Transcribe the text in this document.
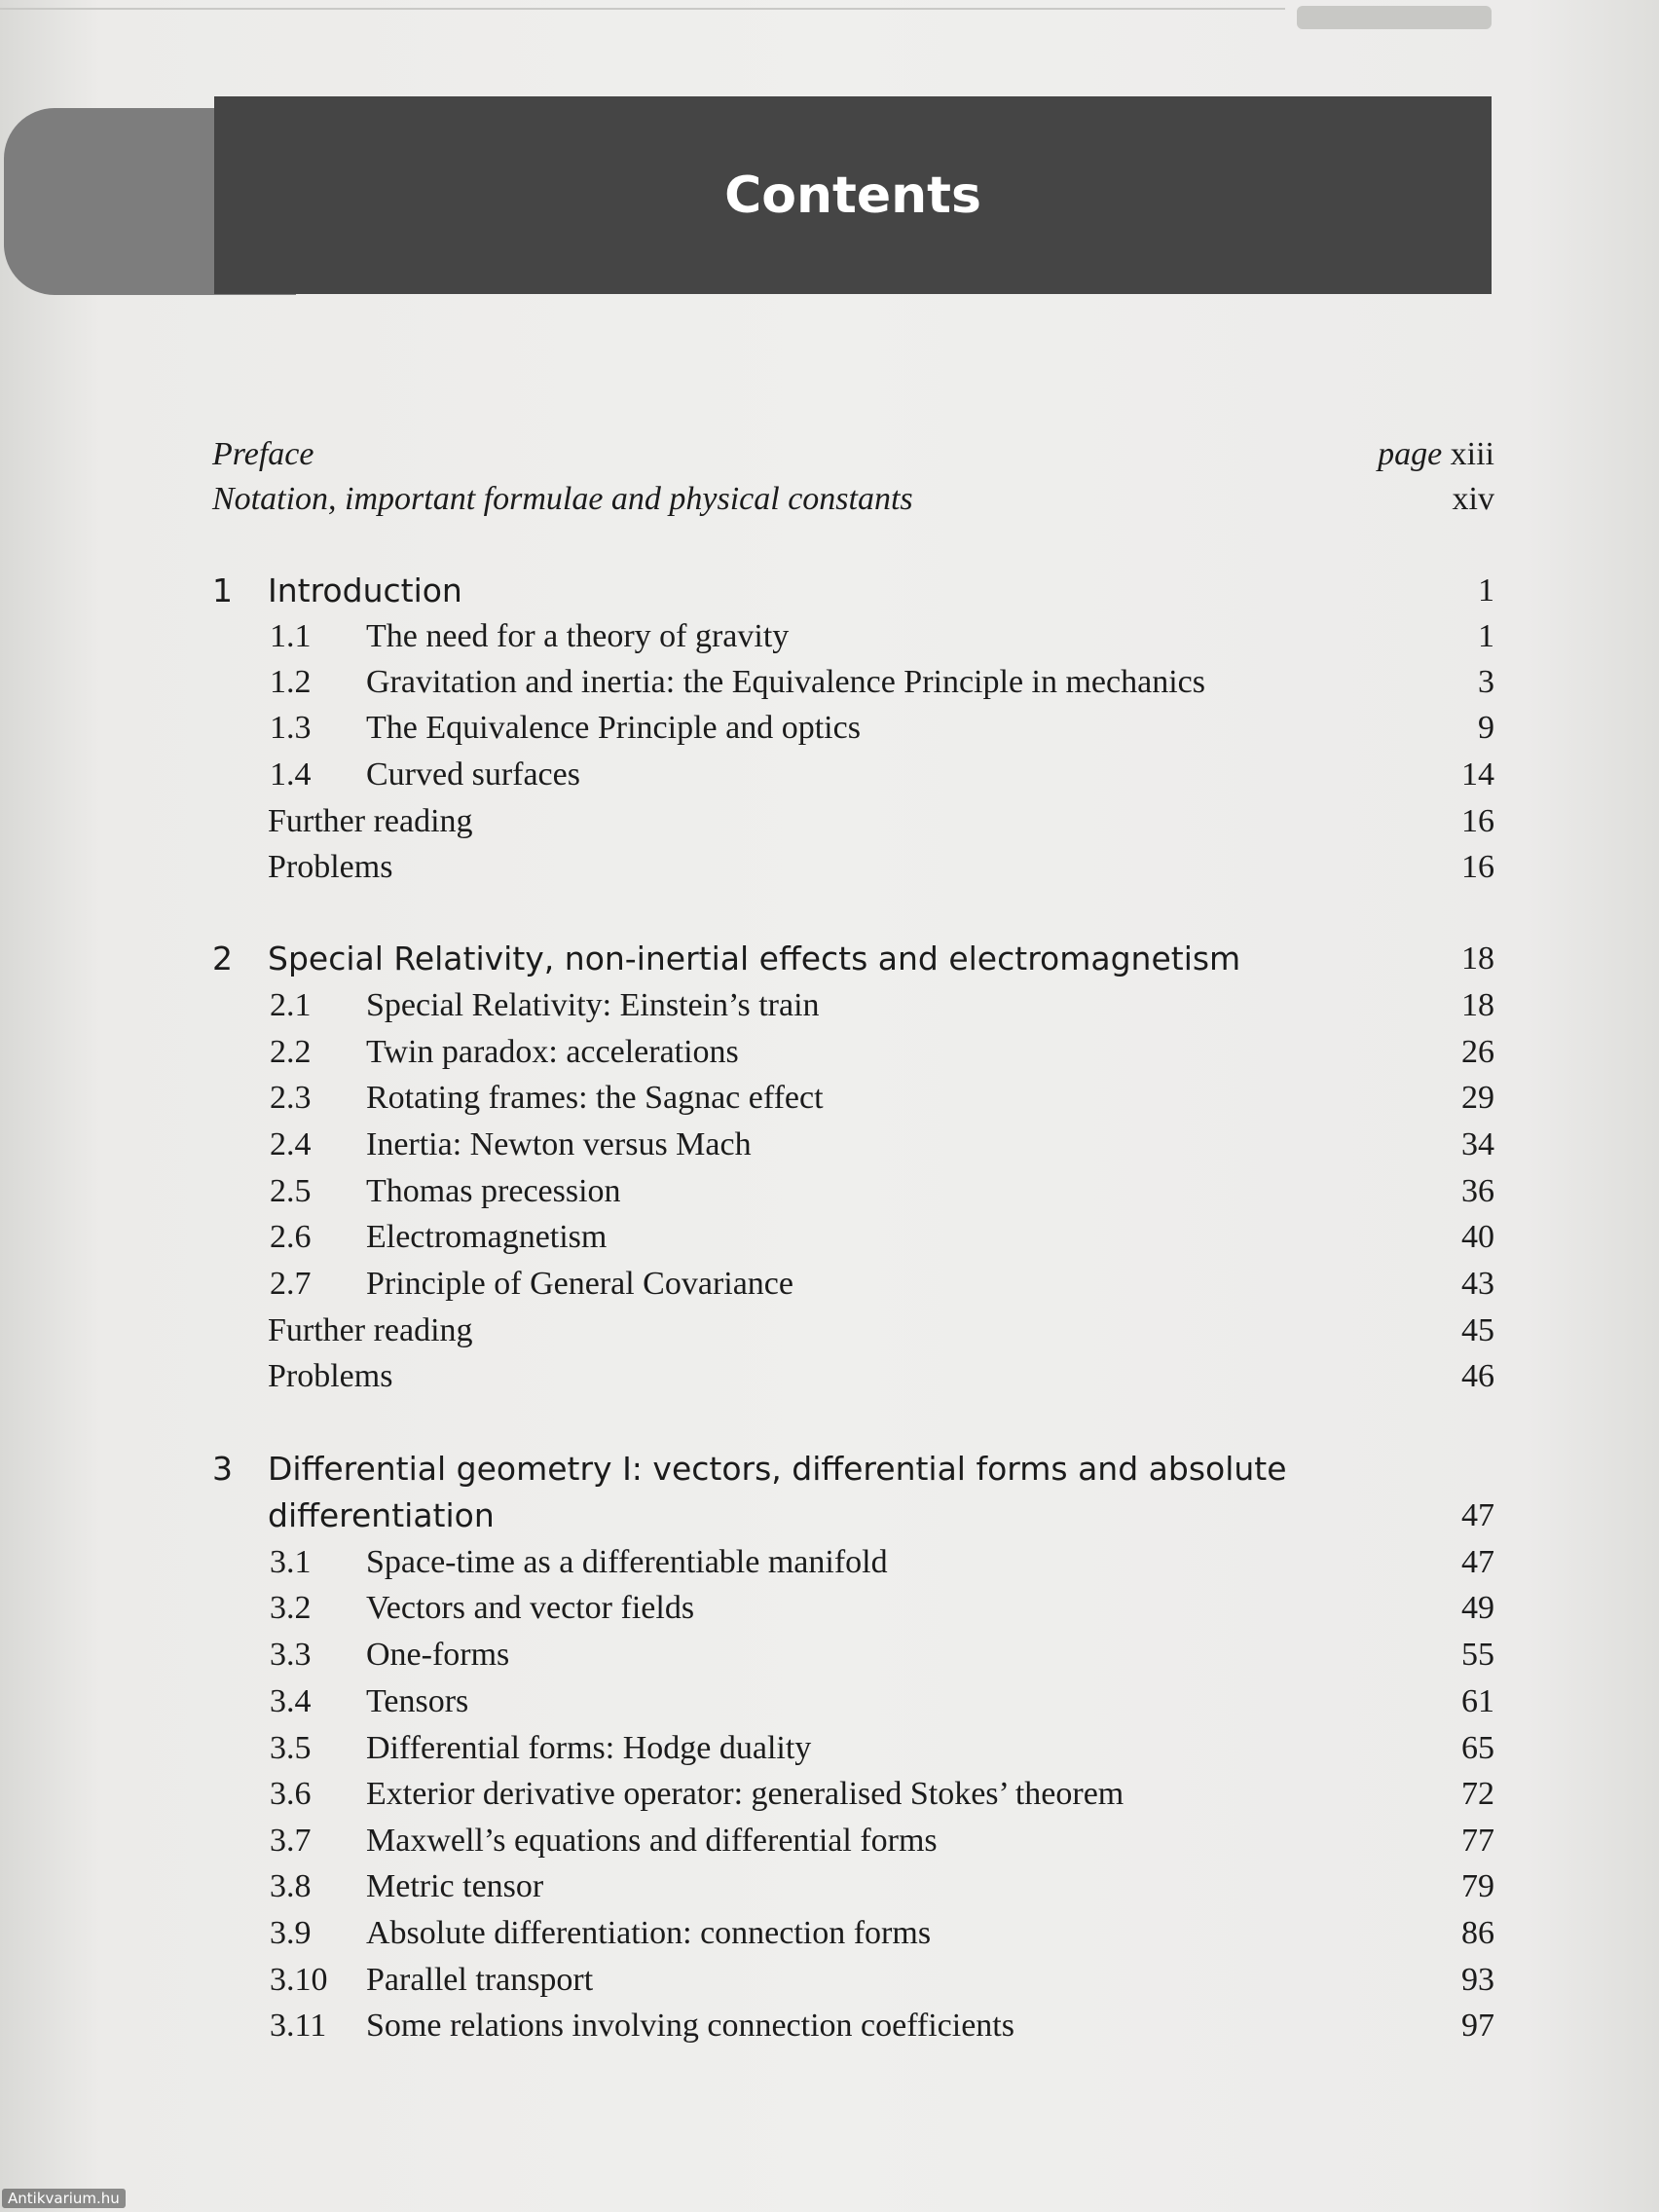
Contents
Preface	page xiii
Notation, important formulae and physical constants	xiv
1 Introduction	1
1.1 The need for a theory of gravity	1
1.2 Gravitation and inertia: the Equivalence Principle in mechanics	3
1.3 The Equivalence Principle and optics	9
1.4 Curved surfaces	14
Further reading	16
Problems	16
2 Special Relativity, non-inertial effects and electromagnetism	18
2.1 Special Relativity: Einstein’s train	18
2.2 Twin paradox: accelerations	26
2.3 Rotating frames: the Sagnac effect	29
2.4 Inertia: Newton versus Mach	34
2.5 Thomas precession	36
2.6 Electromagnetism	40
2.7 Principle of General Covariance	43
Further reading	45
Problems	46
3 Differential geometry I: vectors, differential forms and absolute
differentiation	47
3.1 Space-time as a differentiable manifold	47
3.2 Vectors and vector fields	49
3.3 One-forms	55
3.4 Tensors	61
3.5 Differential forms: Hodge duality	65
3.6 Exterior derivative operator: generalised Stokes’ theorem	72
3.7 Maxwell’s equations and differential forms	77
3.8 Metric tensor	79
3.9 Absolute differentiation: connection forms	86
3.10 Parallel transport	93
3.11 Some relations involving connection coefficients	97
Antikvarium.hu
